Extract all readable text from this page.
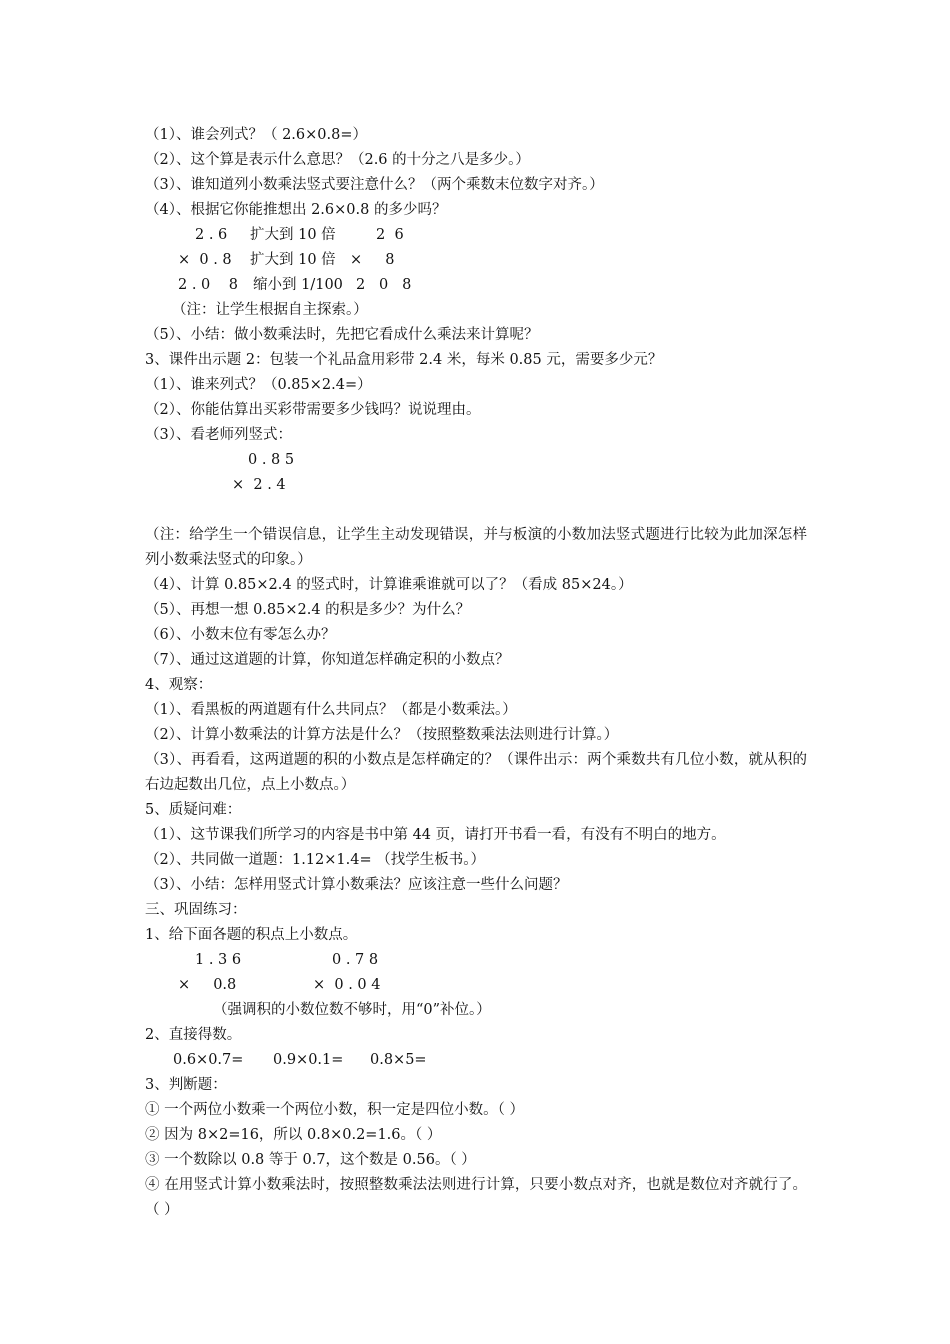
（1）、谁会列式？（ 2.6×0.8=）
（2）、这个算是表示什么意思？（2.6 的十分之八是多少。）
（3）、谁知道列小数乘法竖式要注意什么？（两个乘数末位数字对齐。）
（4）、根据它你能推想出 2.6×0.8 的多少吗？
2 . 6 扩大到 10 倍	2  6
×  0 . 8 扩大到 10 倍 ×     8
2 . 0    8 缩小到 1/100 2   0   8
（注：让学生根据自主探索。）
（5）、小结：做小数乘法时，先把它看成什么乘法来计算呢？
3、课件出示题 2：包装一个礼品盒用彩带 2.4 米，每米 0.85 元，需要多少元？
（1）、谁来列式？（0.85×2.4=）
（2）、你能估算出买彩带需要多少钱吗？说说理由。
（3）、看老师列竖式：
0 . 8 5
×  2 . 4
（注：给学生一个错误信息，让学生主动发现错误，并与板演的小数加法竖式题进行比较为此加深怎样列小数乘法竖式的印象。）
（4）、计算 0.85×2.4 的竖式时，计算谁乘谁就可以了？（看成 85×24。）
（5）、再想一想 0.85×2.4 的积是多少？为什么？
（6）、小数末位有零怎么办？
（7）、通过这道题的计算，你知道怎样确定积的小数点？
4、观察：
（1）、看黑板的两道题有什么共同点？（都是小数乘法。）
（2）、计算小数乘法的计算方法是什么？（按照整数乘法法则进行计算。）
（3）、再看看，这两道题的积的小数点是怎样确定的？（课件出示：两个乘数共有几位小数，就从积的右边起数出几位，点上小数点。）
5、质疑问难：
（1）、这节课我们所学习的内容是书中第 44 页，请打开书看一看，有没有不明白的地方。
（2）、共同做一道题：1.12×1.4= （找学生板书。）
（3）、小结：怎样用竖式计算小数乘法？应该注意一些什么问题？
三、巩固练习：
1、给下面各题的积点上小数点。
1 . 3 6
×     0.8
0 . 7 8
×  0 . 0 4
（强调积的小数位数不够时，用“0”补位。）
2、直接得数。
0.6×0.7= 0.9×0.1= 0.8×5=
3、判断题：
① 一个两位小数乘一个两位小数，积一定是四位小数。（ ）
② 因为 8×2=16，所以 0.8×0.2=1.6。（ ）
③ 一个数除以 0.8 等于 0.7，这个数是 0.56。（ ）
④ 在用竖式计算小数乘法时，按照整数乘法法则进行计算，只要小数点对齐，也就是数位对齐就行了。（ ）
